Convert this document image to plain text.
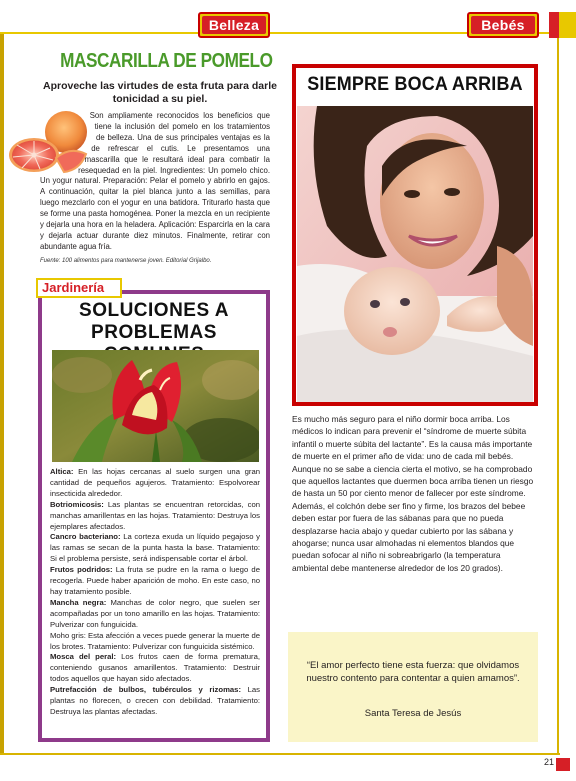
Belleza	Bebés
MASCARILLA DE POMELO
Aproveche las virtudes de esta fruta para darle tonicidad a su piel.

Son ampliamente reconocidos los beneficios que tiene la inclusión del pomelo en los tratamientos de belleza. Una de sus principales ventajas es la de refrescar el cutis. Le presentamos una mascarilla que le resultará ideal para combatir la resequedad en la piel. Ingredientes: Un pomelo chico. Un yogur natural. Preparación: Pelar el pomelo y abrirlo en gajos. A continuación, quitar la piel blanca junto a las semillas, para luego mezclarlo con el yogur en una batidora. Triturarlo hasta que se forme una pasta homogénea. Poner la mezcla en un recipiente y dejarla una hora en la heladera. Aplicación: Esparcirla en la cara y dejarla actuar durante diez minutos. Finalmente, retirar con abundante agua fría.

Fuente: 100 alimentos para mantenerse joven. Editorial Grijalbo.
Jardinería
SOLUCIONES A
PROBLEMAS

Altica: En las hojas cercanas al suelo surgen una gran cantidad de pequeños agujeros. Tratamiento: Espolvorear insecticida alrededor.

Botriomicosis: Las plantas se encuentran retorcidas, con manchas amarillentas en las hojas. Tratamiento: Destruya los ejemplares afectados.

Cancro bacteriano: La corteza exuda un líquido pegajoso y las ramas se secan de la punta hasta la base. Tratamiento: Si el problema persiste, será indispensable cortar el árbol.

Frutos podridos: La fruta se pudre en la rama o luego de recogerla. Puede haber aparición de moho. En este caso, no hay tratamiento posible.

Mancha negra: Manchas de color negro, que suelen ser acompañadas por un tono amarillo en las hojas. Tratamiento: Pulverizar con funguicida.

Moho gris: Esta afección a veces puede generar la muerte de los brotes. Tratamiento: Pulverizar con funguicida sistémico.

Mosca del peral: Los frutos caen de forma prematura, conteniendo gusanos amarillentos. Tratamiento: Destruir todos aquellos que hayan sido afectados.

Putrefacción de bulbos, tubérculos y rizomas: Las plantas no florecen, o crecen con debilidad. Tratamiento: Destruya las plantas afectadas.

SIEMPRE BOCA ARRIBA
Es mucho más seguro para el niño dormir boca arriba. Los médicos lo indican para prevenir el “síndrome de muerte súbita infantil o muerte súbita del lactante”. Es la causa más importante de muerte en el primer año de vida: uno de cada mil bebés. Aunque no se sabe a ciencia cierta el motivo, se ha comprobado que aquellos lactantes que duermen boca arriba tienen un riesgo de hasta un 50 por ciento menor de fallecer por este síndrome. Además, el colchón debe ser fino y firme, los brazos del bebee deben estar por fuera de las sábanas para que no pueda desplazarse hacia abajo y quedar cubierto por las sábana y ahogarse; nunca usar almohadas ni elementos blandos que puedan sofocar al niño ni sobreabrigarlo (la temperatura ambiental debe mantenerse alrededor de los 20 grados).
“El amor perfecto tiene esta fuerza: que olvidamos nuestro contento para contentar a quien amamos”.
Santa Teresa de Jesús
21
